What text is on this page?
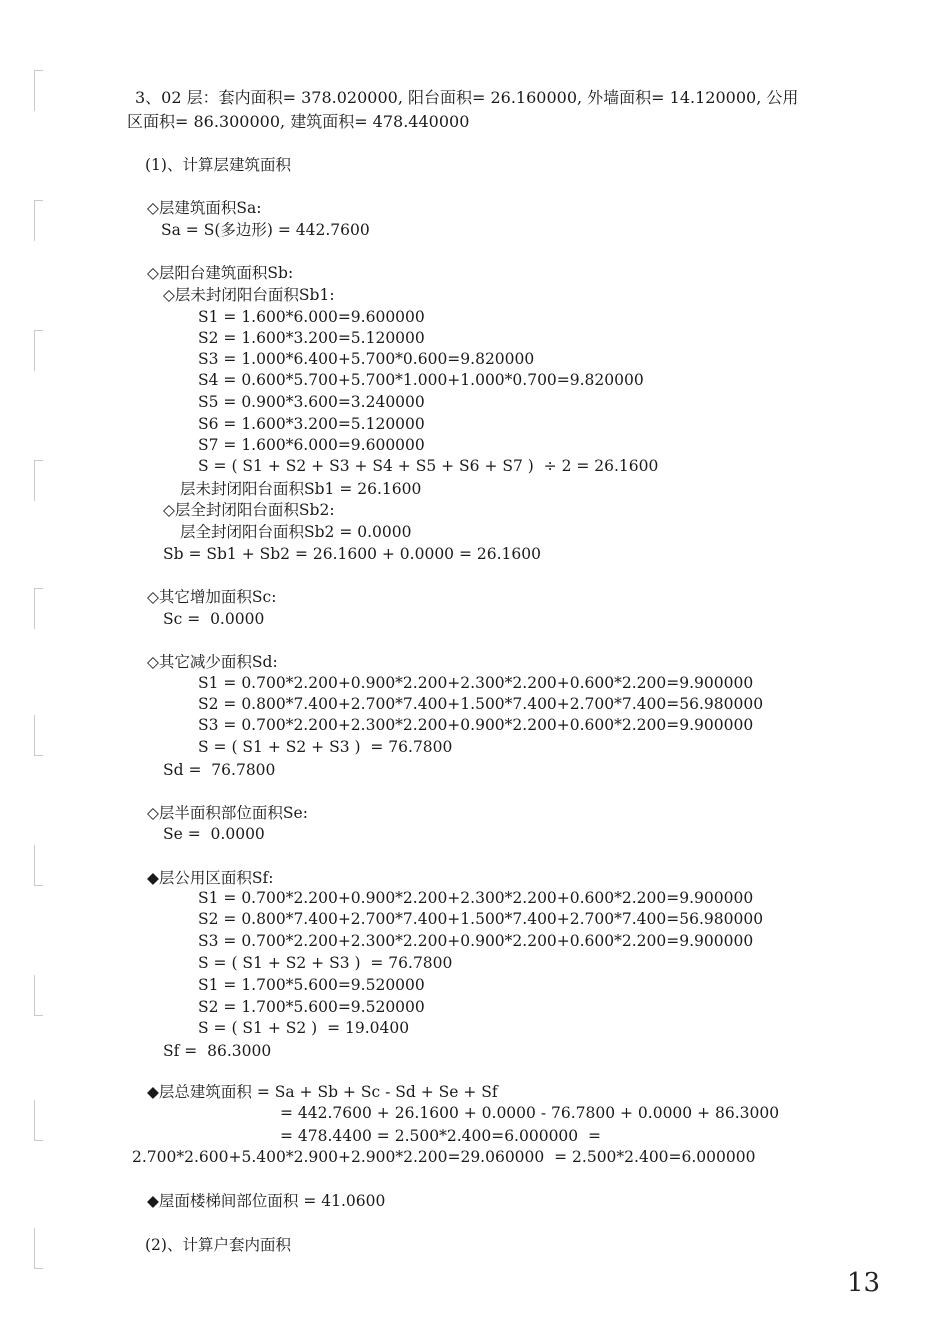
3、02 层：套内面积= 378.020000, 阳台面积= 26.160000, 外墙面积= 14.120000, 公用
区面积= 86.300000, 建筑面积= 478.440000
(1)、计算层建筑面积
◇层建筑面积Sa:
Sa = S(多边形) = 442.7600
◇层阳台建筑面积Sb:
◇层未封闭阳台面积Sb1:
S1 = 1.600*6.000=9.600000
S2 = 1.600*3.200=5.120000
S3 = 1.000*6.400+5.700*0.600=9.820000
S4 = 0.600*5.700+5.700*1.000+1.000*0.700=9.820000
S5 = 0.900*3.600=3.240000
S6 = 1.600*3.200=5.120000
S7 = 1.600*6.000=9.600000
S = ( S1 + S2 + S3 + S4 + S5 + S6 + S7 )  ÷ 2 = 26.1600
层未封闭阳台面积Sb1 = 26.1600
◇层全封闭阳台面积Sb2:
层全封闭阳台面积Sb2 = 0.0000
Sb = Sb1 + Sb2 = 26.1600 + 0.0000 = 26.1600
◇其它增加面积Sc:
Sc =  0.0000
◇其它减少面积Sd:
S1 = 0.700*2.200+0.900*2.200+2.300*2.200+0.600*2.200=9.900000
S2 = 0.800*7.400+2.700*7.400+1.500*7.400+2.700*7.400=56.980000
S3 = 0.700*2.200+2.300*2.200+0.900*2.200+0.600*2.200=9.900000
S = ( S1 + S2 + S3 )  = 76.7800
Sd =  76.7800
◇层半面积部位面积Se:
Se =  0.0000
◆层公用区面积Sf:
S1 = 0.700*2.200+0.900*2.200+2.300*2.200+0.600*2.200=9.900000
S2 = 0.800*7.400+2.700*7.400+1.500*7.400+2.700*7.400=56.980000
S3 = 0.700*2.200+2.300*2.200+0.900*2.200+0.600*2.200=9.900000
S = ( S1 + S2 + S3 )  = 76.7800
S1 = 1.700*5.600=9.520000
S2 = 1.700*5.600=9.520000
S = ( S1 + S2 )  = 19.0400
Sf =  86.3000
◆层总建筑面积 = Sa + Sb + Sc - Sd + Se + Sf
= 442.7600 + 26.1600 + 0.0000 - 76.7800 + 0.0000 + 86.3000
= 478.4400 = 2.500*2.400=6.000000  =
2.700*2.600+5.400*2.900+2.900*2.200=29.060000  = 2.500*2.400=6.000000
◆屋面楼梯间部位面积 = 41.0600
(2)、计算户套内面积
13
